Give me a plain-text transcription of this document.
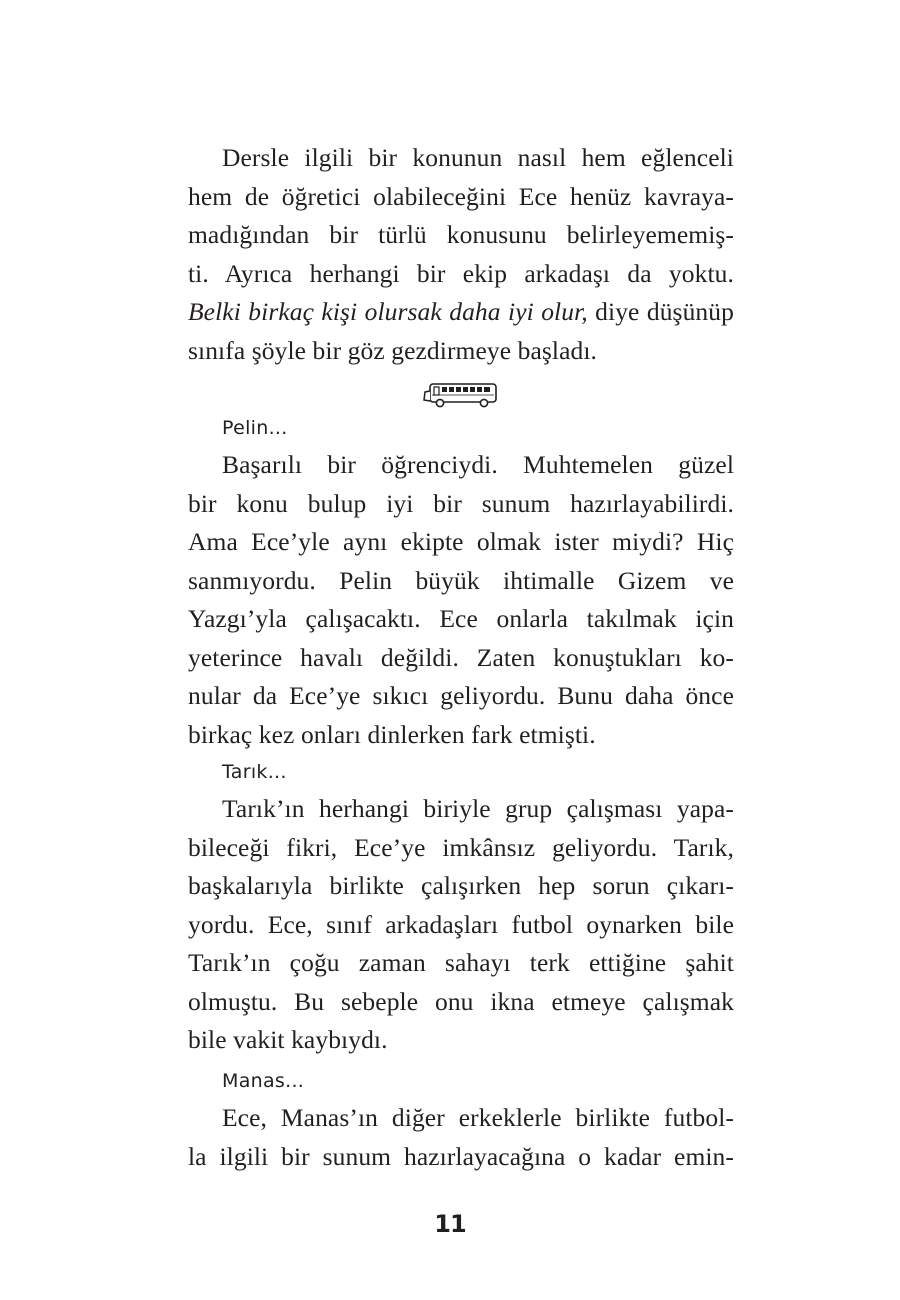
Dersle ilgili bir konunun nasıl hem eğlenceli
hem de öğretici olabileceğini Ece henüz kavraya-
madığından bir türlü konusunu belirleyememiş-
ti. Ayrıca herhangi bir ekip arkadaşı da yoktu.
Belki birkaç kişi olursak daha iyi olur, diye düşünüp
sınıfa şöyle bir göz gezdirmeye başladı.
Pelin...
Başarılı bir öğrenciydi. Muhtemelen güzel
bir konu bulup iyi bir sunum hazırlayabilirdi.
Ama Ece’yle aynı ekipte olmak ister miydi? Hiç
sanmıyordu. Pelin büyük ihtimalle Gizem ve
Yazgı’yla çalışacaktı. Ece onlarla takılmak için
yeterince havalı değildi. Zaten konuştukları ko-
nular da Ece’ye sıkıcı geliyordu. Bunu daha önce
birkaç kez onları dinlerken fark etmişti.
Tarık...
Tarık’ın herhangi biriyle grup çalışması yapa-
bileceği fikri, Ece’ye imkânsız geliyordu. Tarık,
başkalarıyla birlikte çalışırken hep sorun çıkarı-
yordu. Ece, sınıf arkadaşları futbol oynarken bile
Tarık’ın çoğu zaman sahayı terk ettiğine şahit
olmuştu. Bu sebeple onu ikna etmeye çalışmak
bile vakit kaybıydı.
Manas...
Ece, Manas’ın diğer erkeklerle birlikte futbol-
la ilgili bir sunum hazırlayacağına o kadar emin-
11
